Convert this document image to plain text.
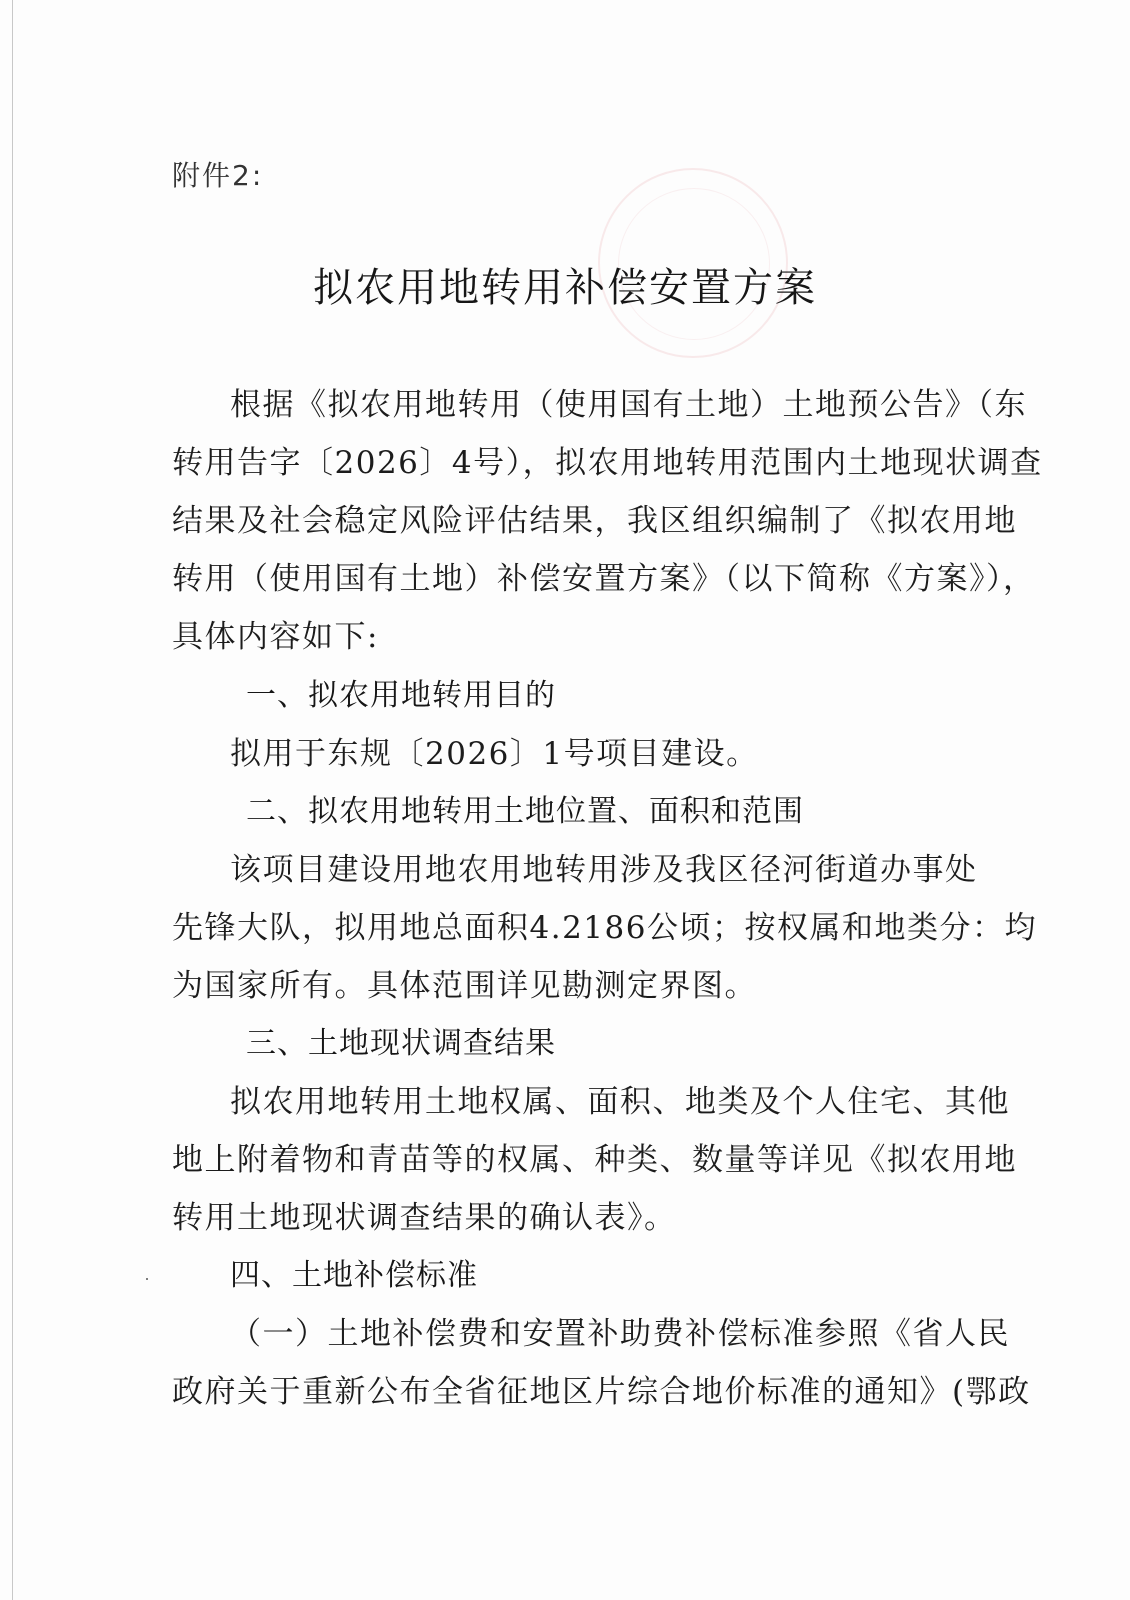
附件2:
拟农用地转用补偿安置方案
根据《拟农用地转用（使用国有土地）土地预公告》（东
转用告字〔2026〕4号），拟农用地转用范围内土地现状调查
结果及社会稳定风险评估结果，我区组织编制了《拟农用地
转用（使用国有土地）补偿安置方案》（以下简称《方案》），
具体内容如下:
一、拟农用地转用目的
拟用于东规〔2026〕1号项目建设。
二、拟农用地转用土地位置、面积和范围
该项目建设用地农用地转用涉及我区径河街道办事处
先锋大队，拟用地总面积4.2186公顷；按权属和地类分：均
为国家所有。具体范围详见勘测定界图。
三、土地现状调查结果
拟农用地转用土地权属、面积、地类及个人住宅、其他
地上附着物和青苗等的权属、种类、数量等详见《拟农用地
转用土地现状调查结果的确认表》。
四、土地补偿标准
（一）土地补偿费和安置补助费补偿标准参照《省人民
政府关于重新公布全省征地区片综合地价标准的通知》(鄂政
